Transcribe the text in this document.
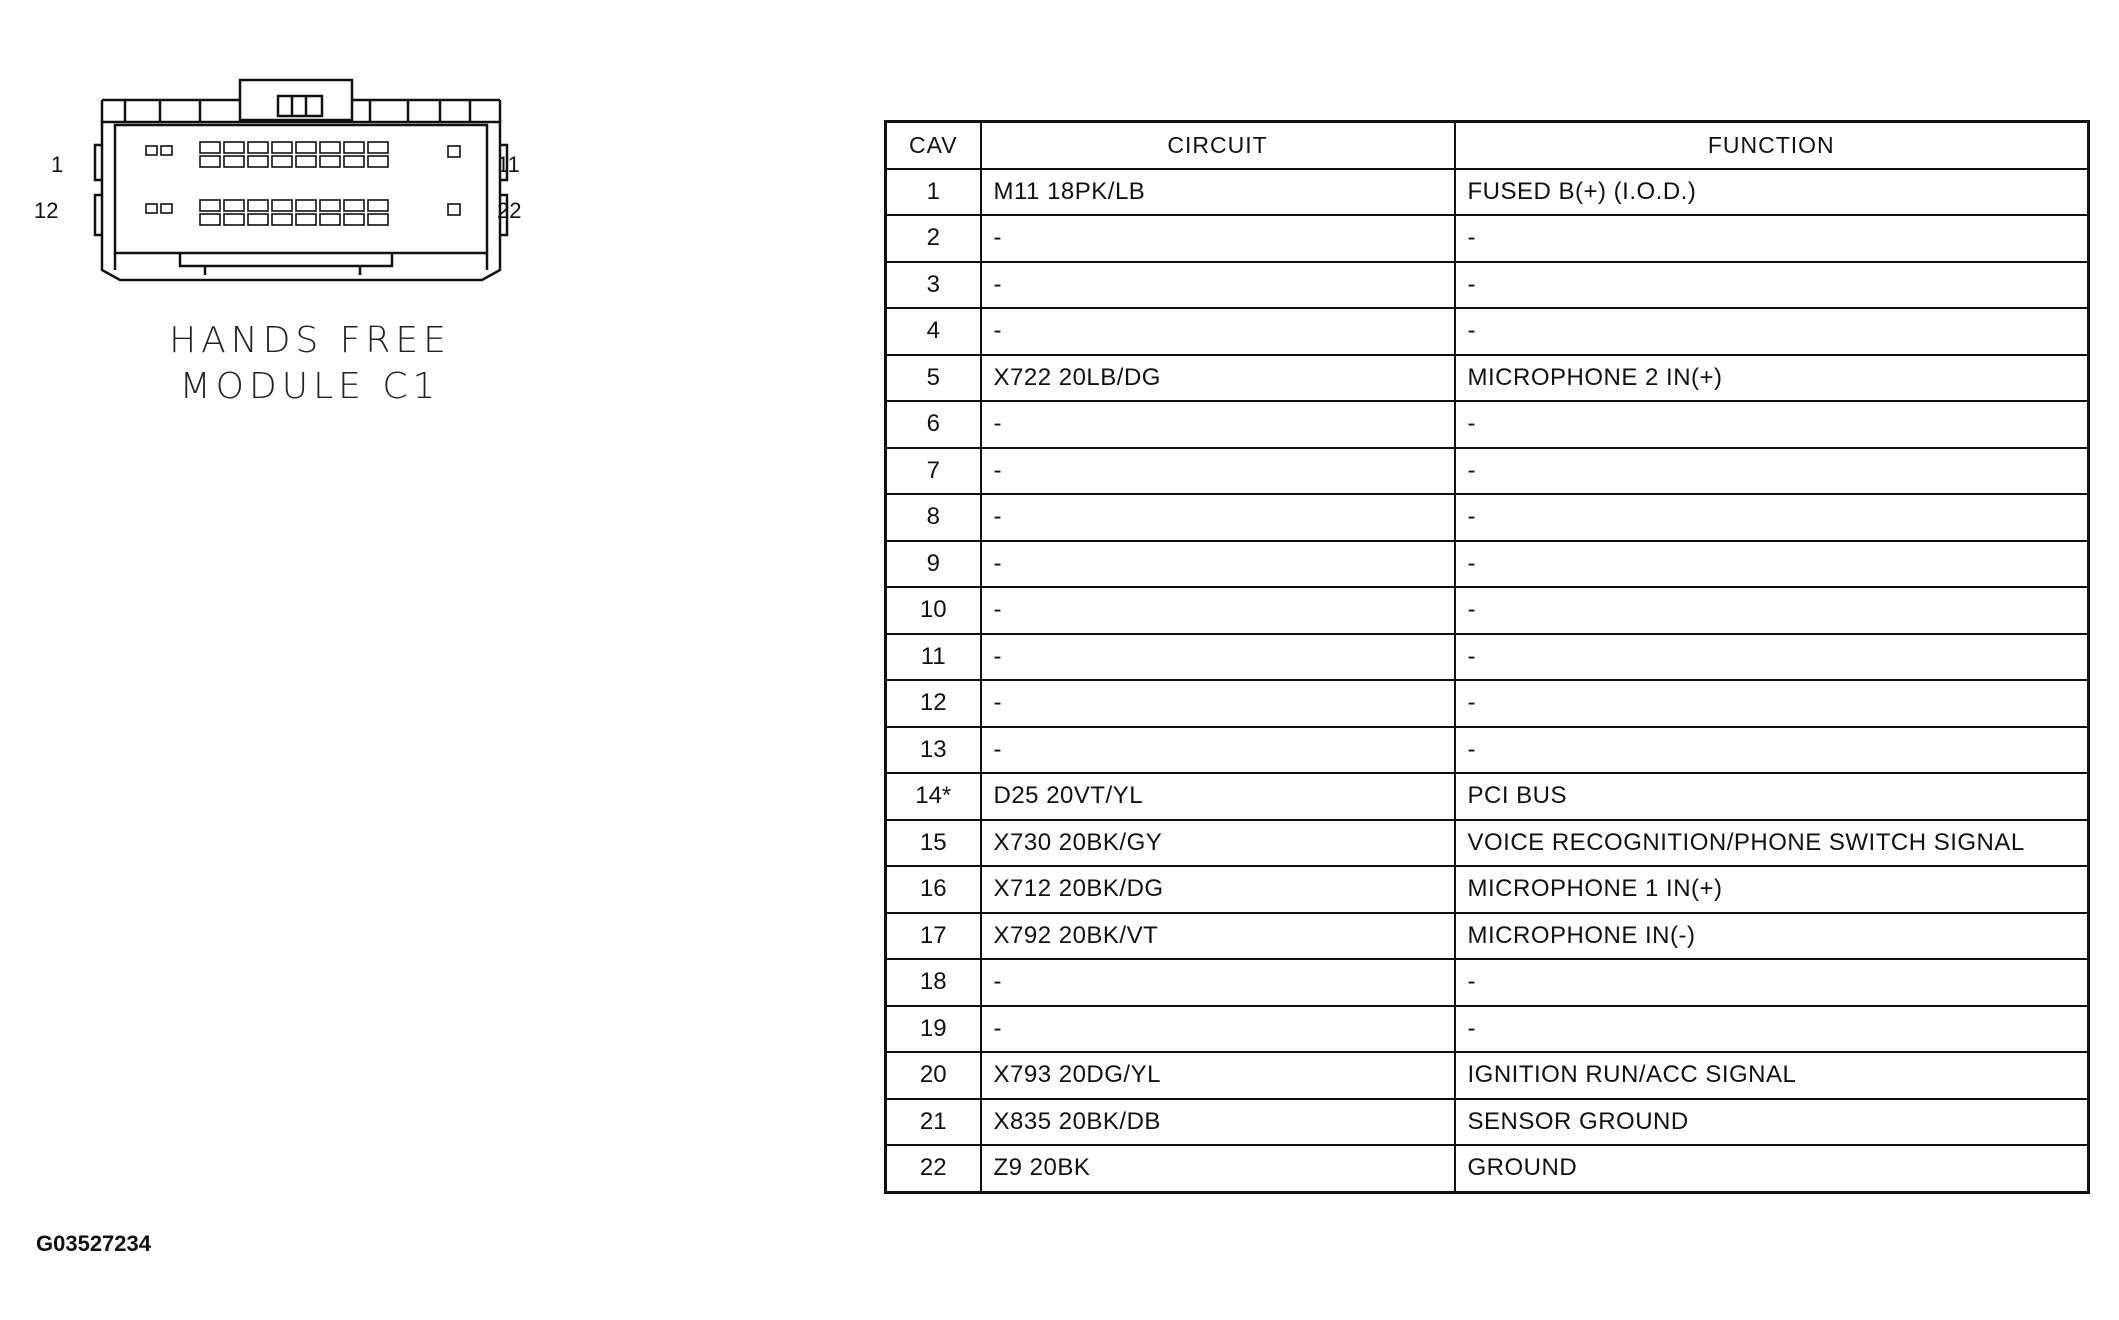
1
12
11
22
HANDS FREE
MODULE C1
CAV	CIRCUIT	FUNCTION
1	M11 18PK/LB	FUSED B(+) (I.O.D.)
2	-	-
3	-	-
4	-	-
5	X722 20LB/DG	MICROPHONE 2 IN(+)
6	-	-
7	-	-
8	-	-
9	-	-
10	-	-
11	-	-
12	-	-
13	-	-
14*	D25 20VT/YL	PCI BUS
15	X730 20BK/GY	VOICE RECOGNITION/PHONE SWITCH SIGNAL
16	X712 20BK/DG	MICROPHONE 1 IN(+)
17	X792 20BK/VT	MICROPHONE IN(-)
18	-	-
19	-	-
20	X793 20DG/YL	IGNITION RUN/ACC SIGNAL
21	X835 20BK/DB	SENSOR GROUND
22	Z9 20BK	GROUND
G03527234
